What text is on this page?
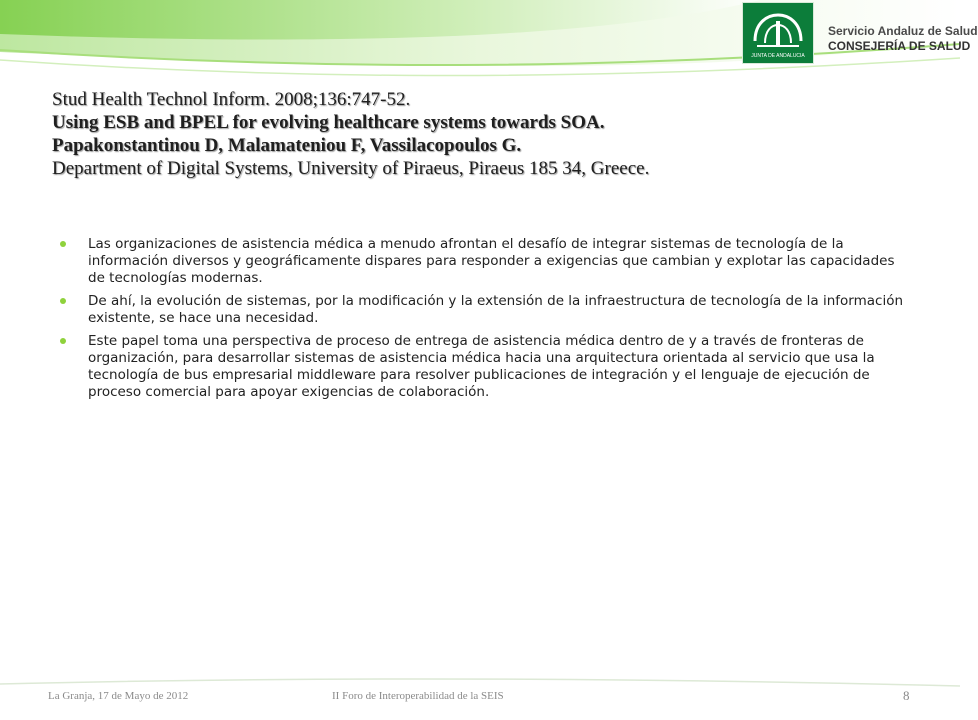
JUNTA DE ANDALUCIA
Servicio Andaluz de Salud
CONSEJERÍA DE SALUD
Stud Health Technol Inform. 2008;136:747-52.
Using ESB and BPEL for evolving healthcare systems towards SOA.
Papakonstantinou D, Malamateniou F, Vassilacopoulos G.
Department of Digital Systems, University of Piraeus, Piraeus 185 34, Greece.
Las organizaciones de asistencia médica a menudo afrontan el desafío de integrar sistemas de tecnología de la información diversos y geográficamente dispares para responder a exigencias que cambian y explotar las capacidades de tecnologías modernas.
De ahí, la evolución de sistemas, por la modificación y la extensión de la infraestructura de tecnología de la información existente, se hace una necesidad.
Este papel toma una perspectiva de proceso de entrega de asistencia médica dentro de y a través de fronteras de organización, para desarrollar sistemas de asistencia médica hacia una arquitectura orientada al servicio que usa la tecnología de bus empresarial middleware para resolver publicaciones de integración y el lenguaje de ejecución de proceso comercial para apoyar exigencias de colaboración.
La Granja, 17 de Mayo de 2012	II Foro de Interoperabilidad de la SEIS	8
